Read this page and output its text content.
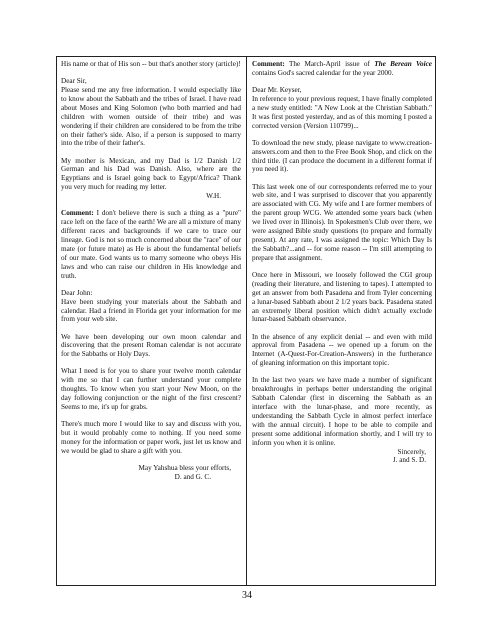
His name or that of His son -- but that's another story (article)!

Dear Sir,

Please send me any free information. I would especially like to know about the Sabbath and the tribes of Israel. I have read about Moses and King Solomon (who both married and had children with women outside of their tribe) and was wondering if their children are considered to be from the tribe on their father's side. Also, if a person is supposed to marry into the tribe of their father's.

My mother is Mexican, and my Dad is 1/2 Danish 1/2 German and his Dad was Danish. Also, where are the Egyptians and is Israel going back to Egypt/Africa? Thank you very much for reading my letter.

W.H.

Comment: I don't believe there is such a thing as a "pure" race left on the face of the earth! We are all a mixture of many different races and backgrounds if we care to trace our lineage. God is not so much concerned about the "race" of our mate (or future mate) as He is about the fundamental beliefs of our mate. God wants us to marry someone who obeys His laws and who can raise our children in His knowledge and truth.

Dear John:

Have been studying your materials about the Sabbath and calendar. Had a friend in Florida get your information for me from your web site.

We have been developing our own moon calendar and discovering that the present Roman calendar is not accurate for the Sabbaths or Holy Days.

What I need is for you to share your twelve month calendar with me so that I can further understand your complete thoughts. To know when you start your New Moon, on the day following conjunction or the night of the first crescent? Seems to me, it's up for grabs.

There's much more I would like to say and discuss with you, but it would probably come to nothing. If you need some money for the information or paper work, just let us know and we would be glad to share a gift with you.

May Yahshua bless your efforts,

D. and G. C.

Comment: The March-April issue of The Berean Voice contains God's sacred calendar for the year 2000.

Dear Mr. Keyser,

In reference to your previous request, I have finally completed a new study entitled: "A New Look at the Christian Sabbath." It was first posted yesterday, and as of this morning I posted a corrected version (Version 110799)...

To download the new study, please navigate to www.creation-answers.com and then to the Free Book Shop, and click on the third title. (I can produce the document in a different format if you need it).

This last week one of our correspondents referred me to your web site, and I was surprised to discover that you apparently are associated with CG. My wife and I are former members of the parent group WCG. We attended some years back (when we lived over in Illinois). In Spokesmen's Club over there, we were assigned Bible study questions (to prepare and formally present). At any rate, I was assigned the topic: Which Day Is the Sabbath?...and -- for some reason -- I'm still attempting to prepare that assignment.

Once here in Missouri, we loosely followed the CGI group (reading their literature, and listening to tapes). I attempted to get an answer from both Pasadena and from Tyler concerning a lunar-based Sabbath about 2 1/2 years back. Pasadena stated an extremely liberal position which didn't actually exclude lunar-based Sabbath observance.

In the absence of any explicit denial -- and even with mild approval from Pasadena -- we opened up a forum on the Internet (A-Quest-For-Creation-Answers) in the furtherance of gleaning information on this important topic.

In the last two years we have made a number of significant breakthroughs in perhaps better understanding the original Sabbath Calendar (first in discerning the Sabbath as an interface with the lunar-phase, and more recently, as understanding the Sabbath Cycle in almost perfect interface with the annual circuit). I hope to be able to compile and present some additional information shortly, and I will try to inform you when it is online.

Sincerely,

J. and S. D.

34
